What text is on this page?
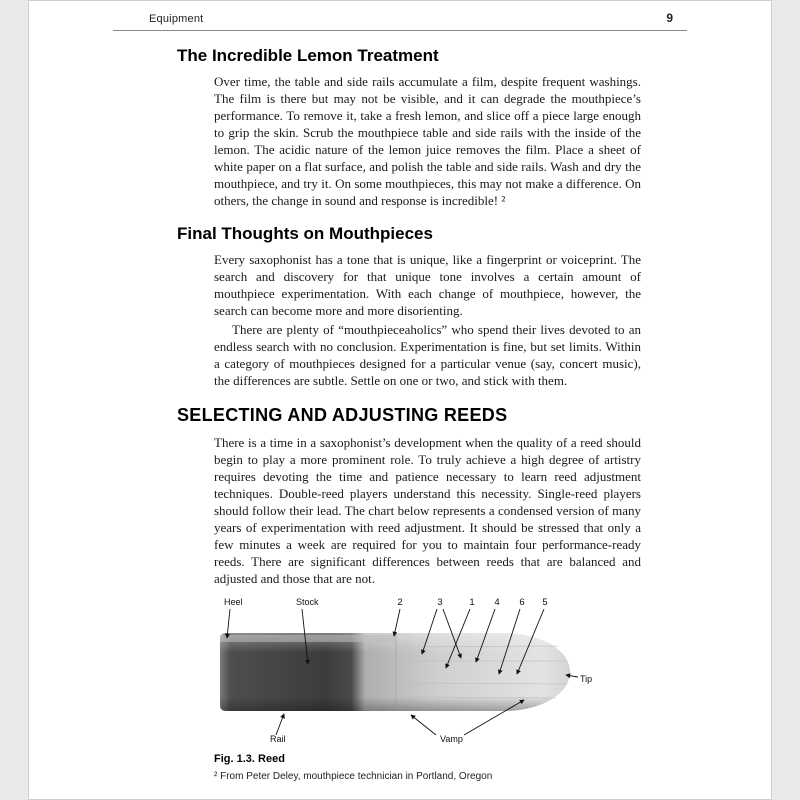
Equipment	9
The Incredible Lemon Treatment

Over time, the table and side rails accumulate a film, despite frequent washings. The film is there but may not be visible, and it can degrade the mouthpiece’s performance. To remove it, take a fresh lemon, and slice off a piece large enough to grip the skin. Scrub the mouthpiece table and side rails with the inside of the lemon. The acidic nature of the lemon juice removes the film. Place a sheet of white paper on a flat surface, and polish the table and side rails. Wash and dry the mouthpiece, and try it. On some mouthpieces, this may not make a difference. On others, the change in sound and response is incredible! ²

Final Thoughts on Mouthpieces

Every saxophonist has a tone that is unique, like a fingerprint or voiceprint. The search and discovery for that unique tone involves a certain amount of mouthpiece experimentation. With each change of mouthpiece, however, the search can become more and more disorienting.

There are plenty of “mouthpieceaholics” who spend their lives devoted to an endless search with no conclusion. Experimentation is fine, but set limits. Within a category of mouthpieces designed for a particular venue (say, concert music), the differences are subtle. Settle on one or two, and stick with them.

SELECTING AND ADJUSTING REEDS

There is a time in a saxophonist’s development when the quality of a reed should begin to play a more prominent role. To truly achieve a high degree of artistry requires devoting the time and patience necessary to learn reed adjustment techniques. Double-reed players understand this necessity. Single-reed players should follow their lead. The chart below represents a condensed version of many years of experimentation with reed adjustment. It should be stressed that only a few minutes a week are required for you to maintain four performance-ready reeds. There are significant differences between reeds that are balanced and adjusted and those that are not.

Heel	Stock	2	3	1 4 6 5
Tip
Rail	Vamp
Fig. 1.3. Reed
² From Peter Deley, mouthpiece technician in Portland, Oregon
